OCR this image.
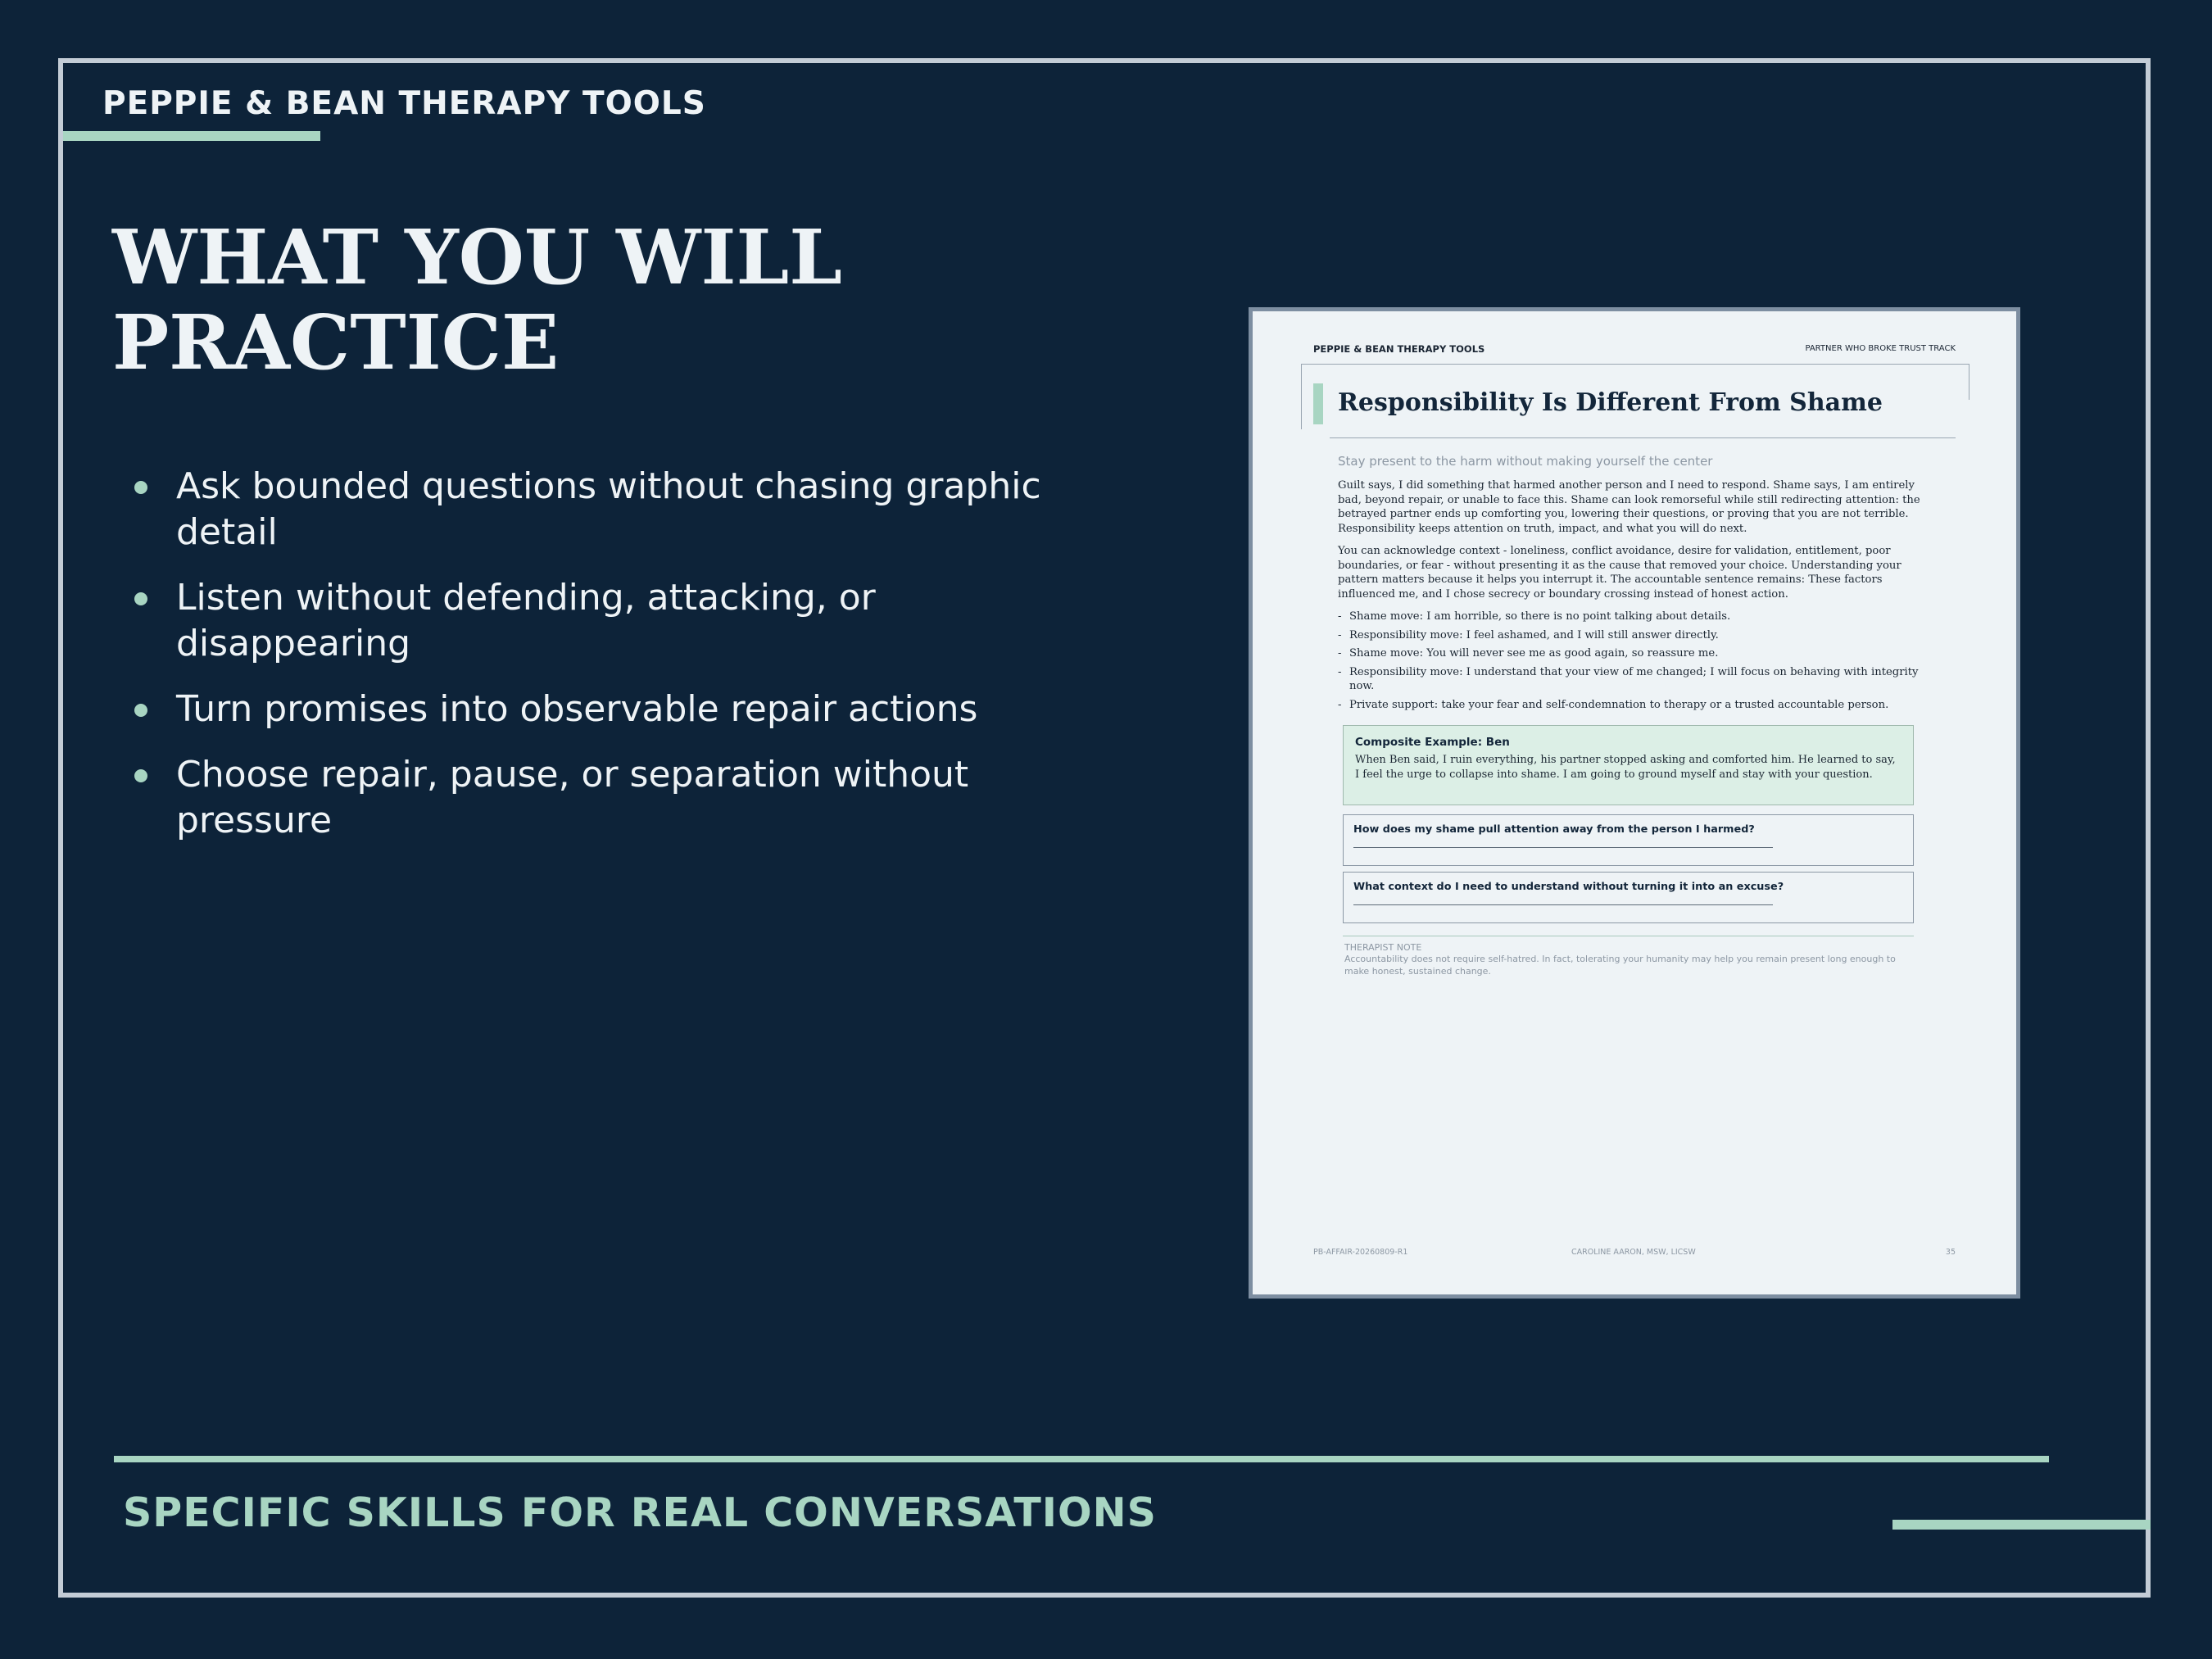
PEPPIE & BEAN THERAPY TOOLS
WHAT YOU WILL
PRACTICE
Ask bounded questions without chasing graphic detail
Listen without defending, attacking, or disappearing
Turn promises into observable repair actions
Choose repair, pause, or separation without pressure
PEPPIE & BEAN THERAPY TOOLS	PARTNER WHO BROKE TRUST TRACK
Responsibility Is Different From Shame
Stay present to the harm without making yourself the center

Guilt says, I did something that harmed another person and I need to respond. Shame says, I am entirely bad, beyond repair, or unable to face this. Shame can look remorseful while still redirecting attention: the betrayed partner ends up comforting you, lowering their questions, or proving that you are not terrible. Responsibility keeps attention on truth, impact, and what you will do next.

You can acknowledge context - loneliness, conflict avoidance, desire for validation, entitlement, poor boundaries, or fear - without presenting it as the cause that removed your choice. Understanding your pattern matters because it helps you interrupt it. The accountable sentence remains: These factors influenced me, and I chose secrecy or boundary crossing instead of honest action.

- Shame move: I am horrible, so there is no point talking about details.
- Responsibility move: I feel ashamed, and I will still answer directly.
- Shame move: You will never see me as good again, so reassure me.
- Responsibility move: I understand that your view of me changed; I will focus on behaving with integrity now.
- Private support: take your fear and self-condemnation to therapy or a trusted accountable person.
Composite Example: Ben
When Ben said, I ruin everything, his partner stopped asking and comforted him. He learned to say, I feel the urge to collapse into shame. I am going to ground myself and stay with your question.
How does my shame pull attention away from the person I harmed?
What context do I need to understand without turning it into an excuse?
THERAPIST NOTE
Accountability does not require self-hatred. In fact, tolerating your humanity may help you remain present long enough to make honest, sustained change.
PB-AFFAIR-20260809-R1	CAROLINE AARON, MSW, LICSW	35
SPECIFIC SKILLS FOR REAL CONVERSATIONS
